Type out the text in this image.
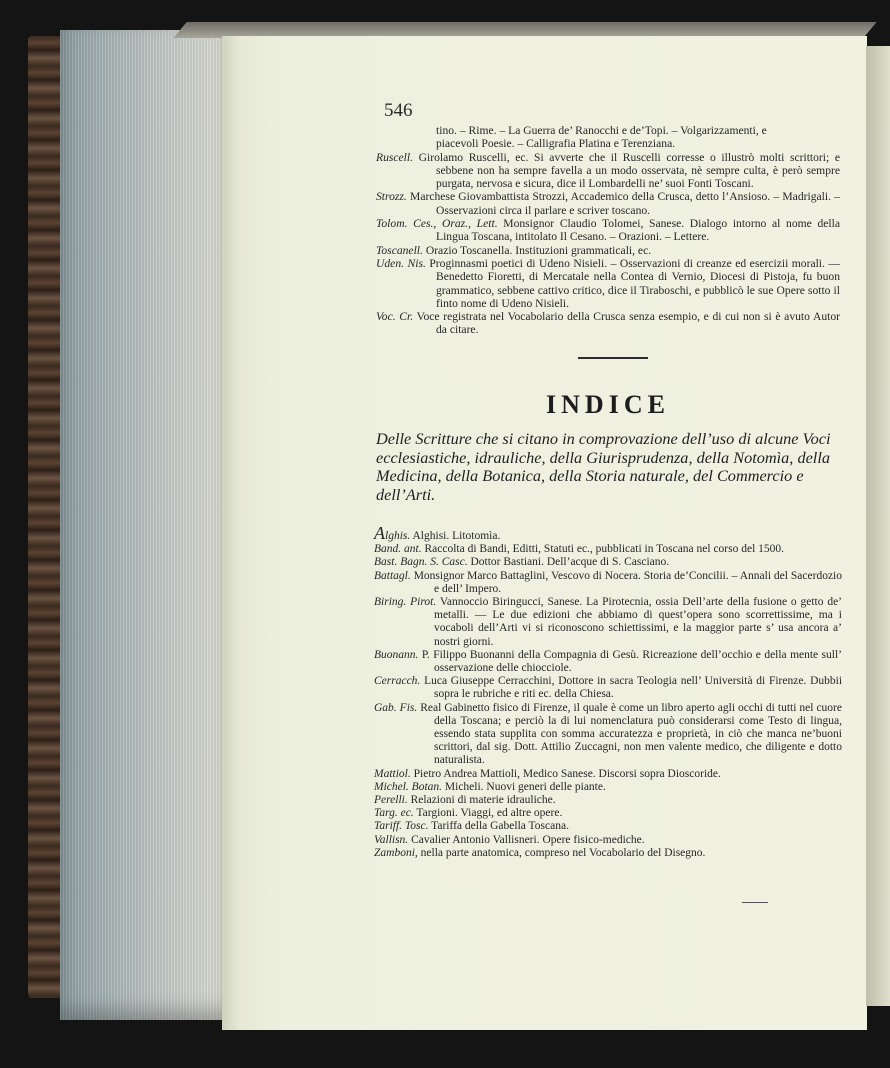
546

tino. – Rime. – La Guerra de’ Ranocchi e de’Topi. – Volgarizzamenti, e

piacevoli Poesie. – Calligrafia Platina e Terenziana.

Ruscell. Girolamo Ruscelli, ec. Si avverte che il Ruscelli corresse o illustrò molti scrittori; e sebbene non ha sempre favella a un modo osservata, nè sempre culta, è però sempre purgata, nervosa e sicura, dice il Lombardelli ne’ suoi Fonti Toscani.

Strozz. Marchese Giovambattista Strozzi, Accademico della Crusca, detto l’Ansioso. – Madrigali. – Osservazioni circa il parlare e scriver toscano.

Tolom. Ces., Oraz., Lett. Monsignor Claudio Tolomei, Sanese. Dialogo intorno al nome della Lingua Toscana, intitolato Il Cesano. – Orazioni. – Lettere.

Toscanell. Orazio Toscanella. Instituzioni grammaticali, ec.

Uden. Nis. Proginnasmi poetici di Udeno Nisieli. – Osservazioni di creanze ed esercizii morali. — Benedetto Fioretti, di Mercatale nella Contea di Vernio, Diocesi di Pistoja, fu buon grammatico, sebbene cattivo critico, dice il Tiraboschi, e pubblicò le sue Opere sotto il finto nome di Udeno Nisieli.

Voc. Cr. Voce registrata nel Vocabolario della Crusca senza esempio, e di cui non si è avuto Autor da citare.

INDICE
Delle Scritture che si citano in comprovazione dell’uso di alcune Voci ecclesiastiche, idrauliche, della Giurisprudenza, della Notomìa, della Medicina, della Botanica, della Storia naturale, del Commercio e dell’Arti.

Alghis. Alghisi. Litotomìa.

Band. ant. Raccolta di Bandi, Editti, Statuti ec., pubblicati in Toscana nel corso del 1500.

Bast. Bagn. S. Casc. Dottor Bastiani. Dell’acque di S. Casciano.

Battagl. Monsignor Marco Battaglini, Vescovo di Nocera. Storia de’Concilii. – Annali del Sacerdozio e dell’ Impero.

Biring. Pirot. Vannoccio Biringucci, Sanese. La Pirotecnia, ossia Dell’arte della fusione o getto de’ metalli. — Le due edizioni che abbiamo di quest’opera sono scorrettissime, ma i vocaboli dell’Arti vi si riconoscono schiettissimi, e la maggior parte s’ usa ancora a’ nostri giorni.

Buonann. P. Filippo Buonanni della Compagnia di Gesù. Ricreazione dell’occhio e della mente sull’ osservazione delle chiocciole.

Cerracch. Luca Giuseppe Cerracchini, Dottore in sacra Teologia nell’ Università di Firenze. Dubbii sopra le rubriche e riti ec. della Chiesa.

Gab. Fis. Real Gabinetto fisico di Firenze, il quale è come un libro aperto agli occhi di tutti nel cuore della Toscana; e perciò la di lui nomenclatura può considerarsi come Testo di lingua, essendo stata supplita con somma accuratezza e proprietà, in ciò che manca ne’buoni scrittori, dal sig. Dott. Attilio Zuccagni, non men valente medico, che diligente e dotto naturalista.

Mattiol. Pietro Andrea Mattioli, Medico Sanese. Discorsi sopra Dioscoride.

Michel. Botan. Micheli. Nuovi generi delle piante.

Perelli. Relazioni di materie idrauliche.

Targ. ec. Targioni. Viaggi, ed altre opere.

Tariff. Tosc. Tariffa della Gabella Toscana.

Vallisn. Cavalier Antonio Vallisneri. Opere fisico-mediche.

Zamboni, nella parte anatomica, compreso nel Vocabolario del Disegno.
